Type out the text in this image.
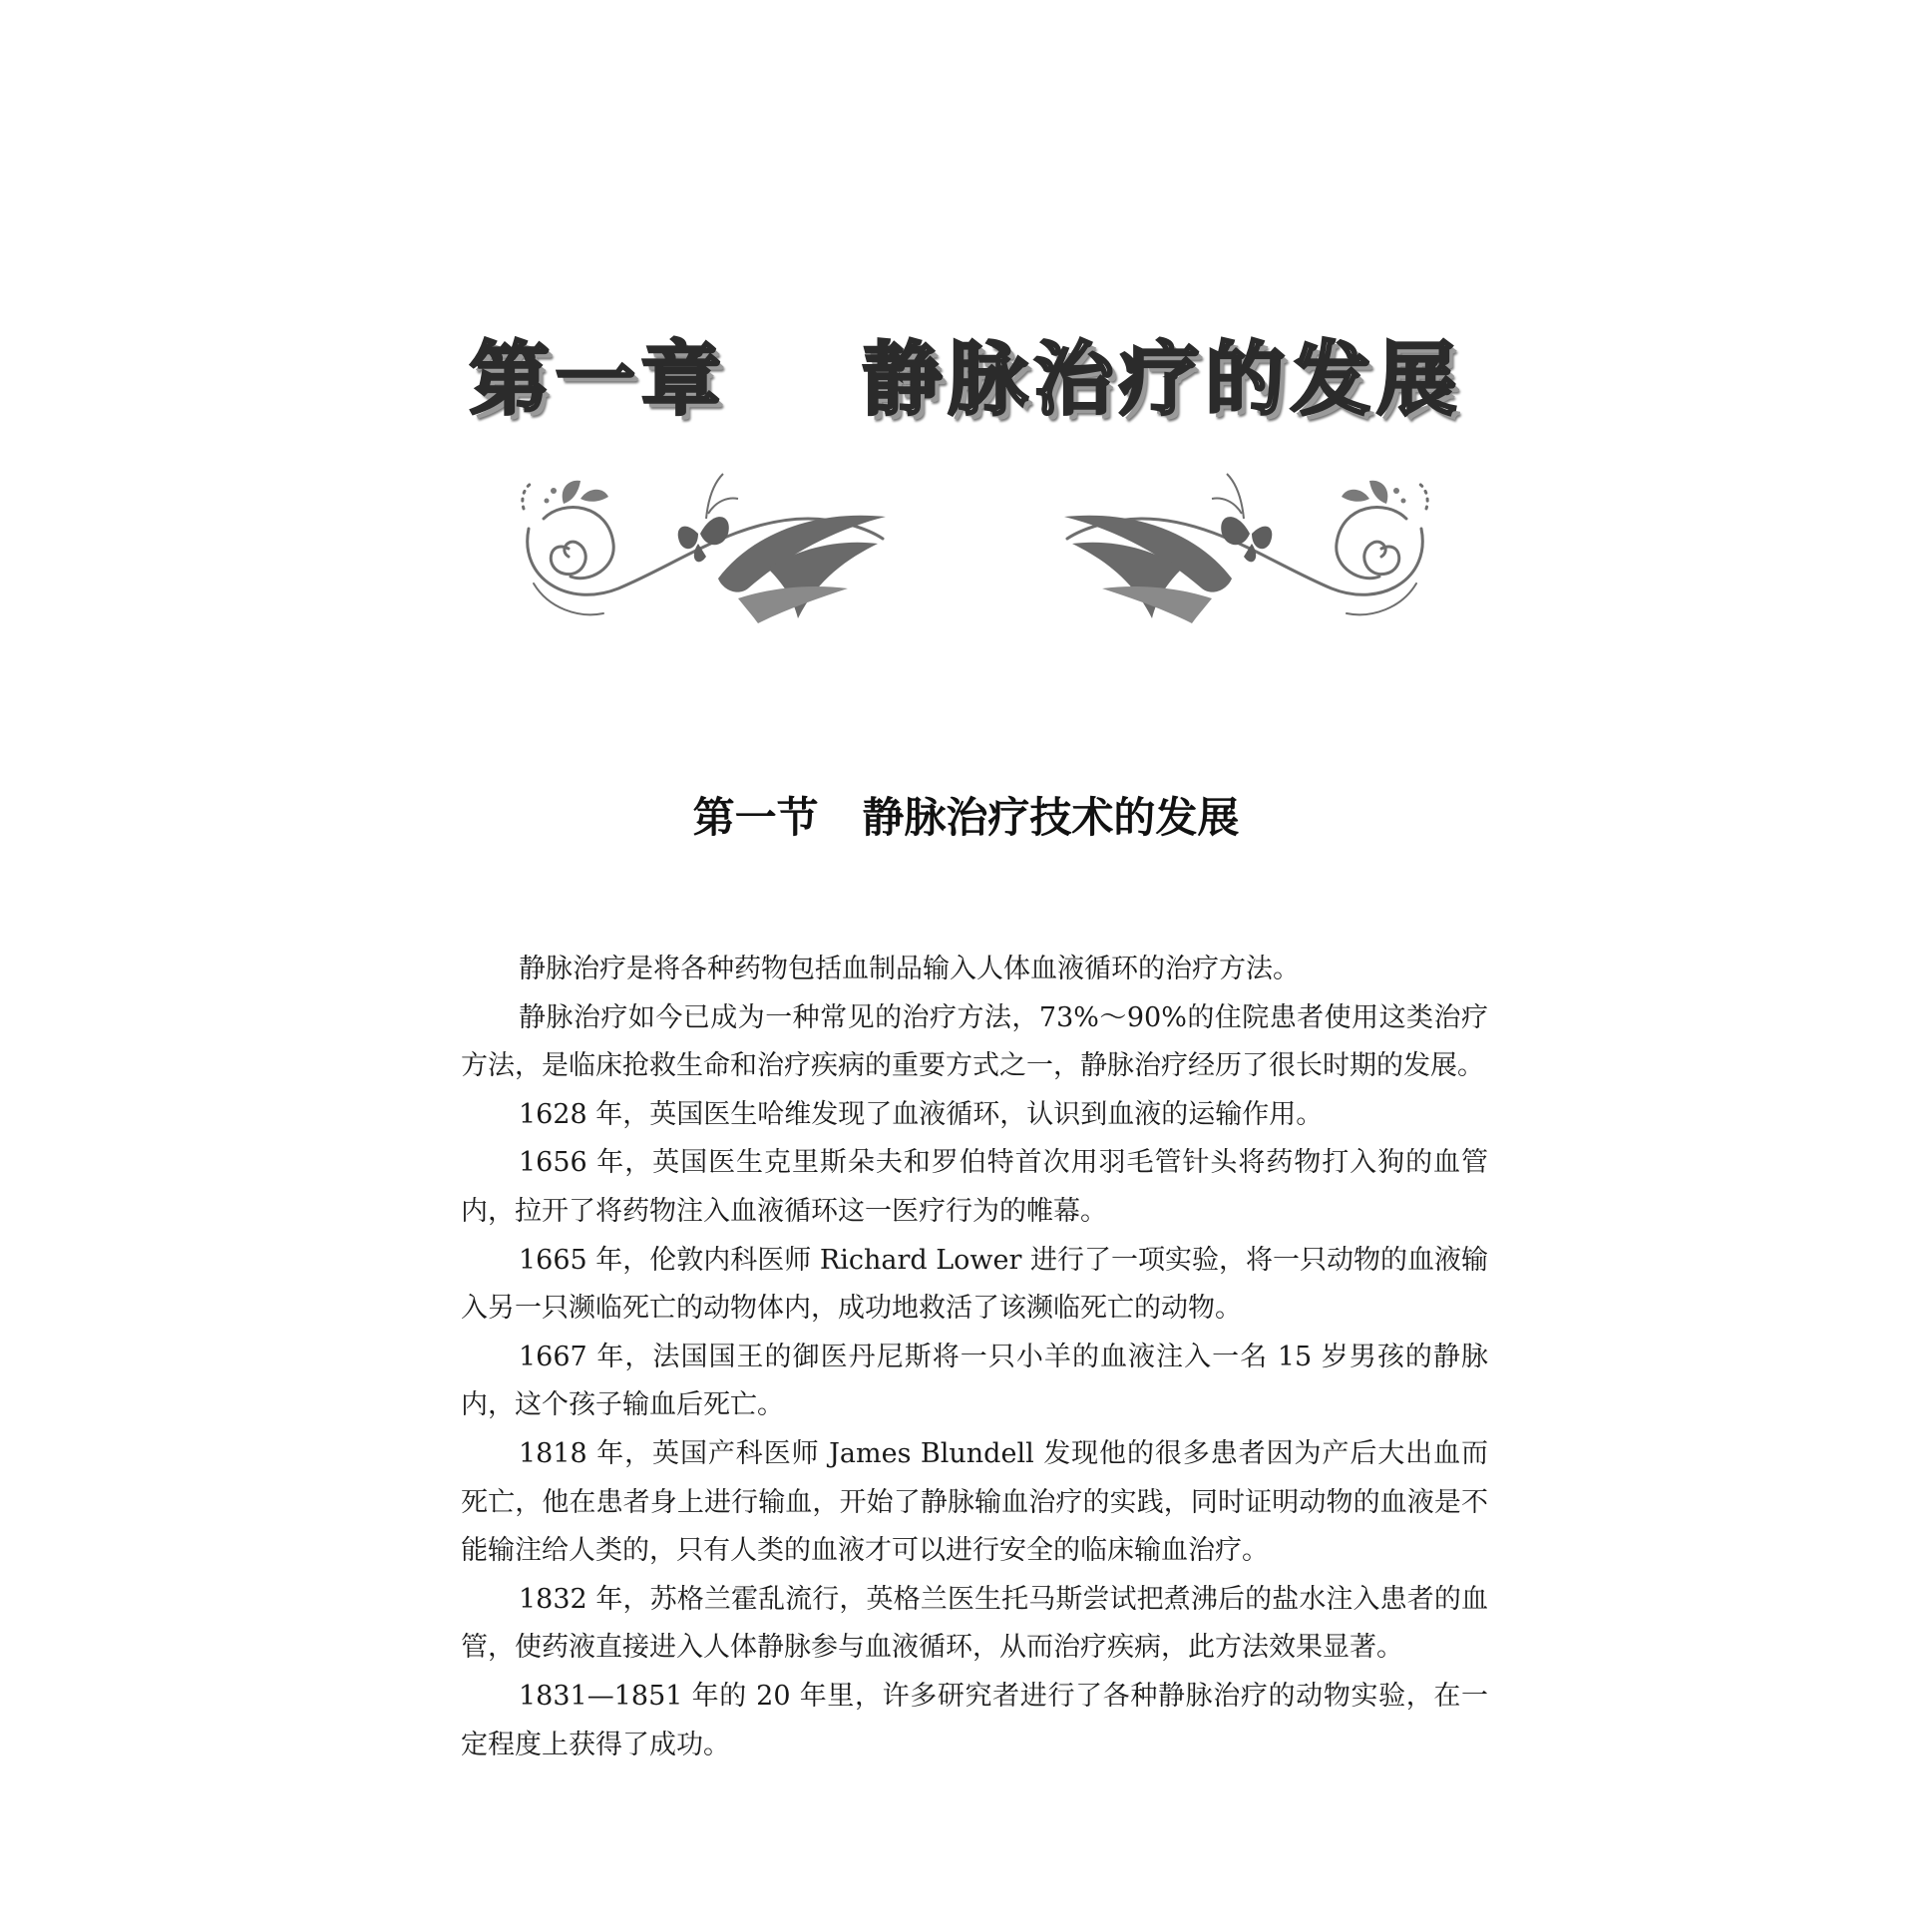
第一章    静脉治疗的发展
第一节   静脉治疗技术的发展

静脉治疗是将各种药物包括血制品输入人体血液循环的治疗方法。

静脉治疗如今已成为一种常见的治疗方法，73%～90%的住院患者使用这类治疗方法，是临床抢救生命和治疗疾病的重要方式之一，静脉治疗经历了很长时期的发展。

1628 年，英国医生哈维发现了血液循环，认识到血液的运输作用。

1656 年，英国医生克里斯朵夫和罗伯特首次用羽毛管针头将药物打入狗的血管内，拉开了将药物注入血液循环这一医疗行为的帷幕。

1665 年，伦敦内科医师 Richard Lower 进行了一项实验，将一只动物的血液输入另一只濒临死亡的动物体内，成功地救活了该濒临死亡的动物。

1667 年，法国国王的御医丹尼斯将一只小羊的血液注入一名 15 岁男孩的静脉内，这个孩子输血后死亡。

1818 年，英国产科医师 James Blundell 发现他的很多患者因为产后大出血而死亡，他在患者身上进行输血，开始了静脉输血治疗的实践，同时证明动物的血液是不能输注给人类的，只有人类的血液才可以进行安全的临床输血治疗。

1832 年，苏格兰霍乱流行，英格兰医生托马斯尝试把煮沸后的盐水注入患者的血管，使药液直接进入人体静脉参与血液循环，从而治疗疾病，此方法效果显著。

1831—1851 年的 20 年里，许多研究者进行了各种静脉治疗的动物实验，在一定程度上获得了成功。
